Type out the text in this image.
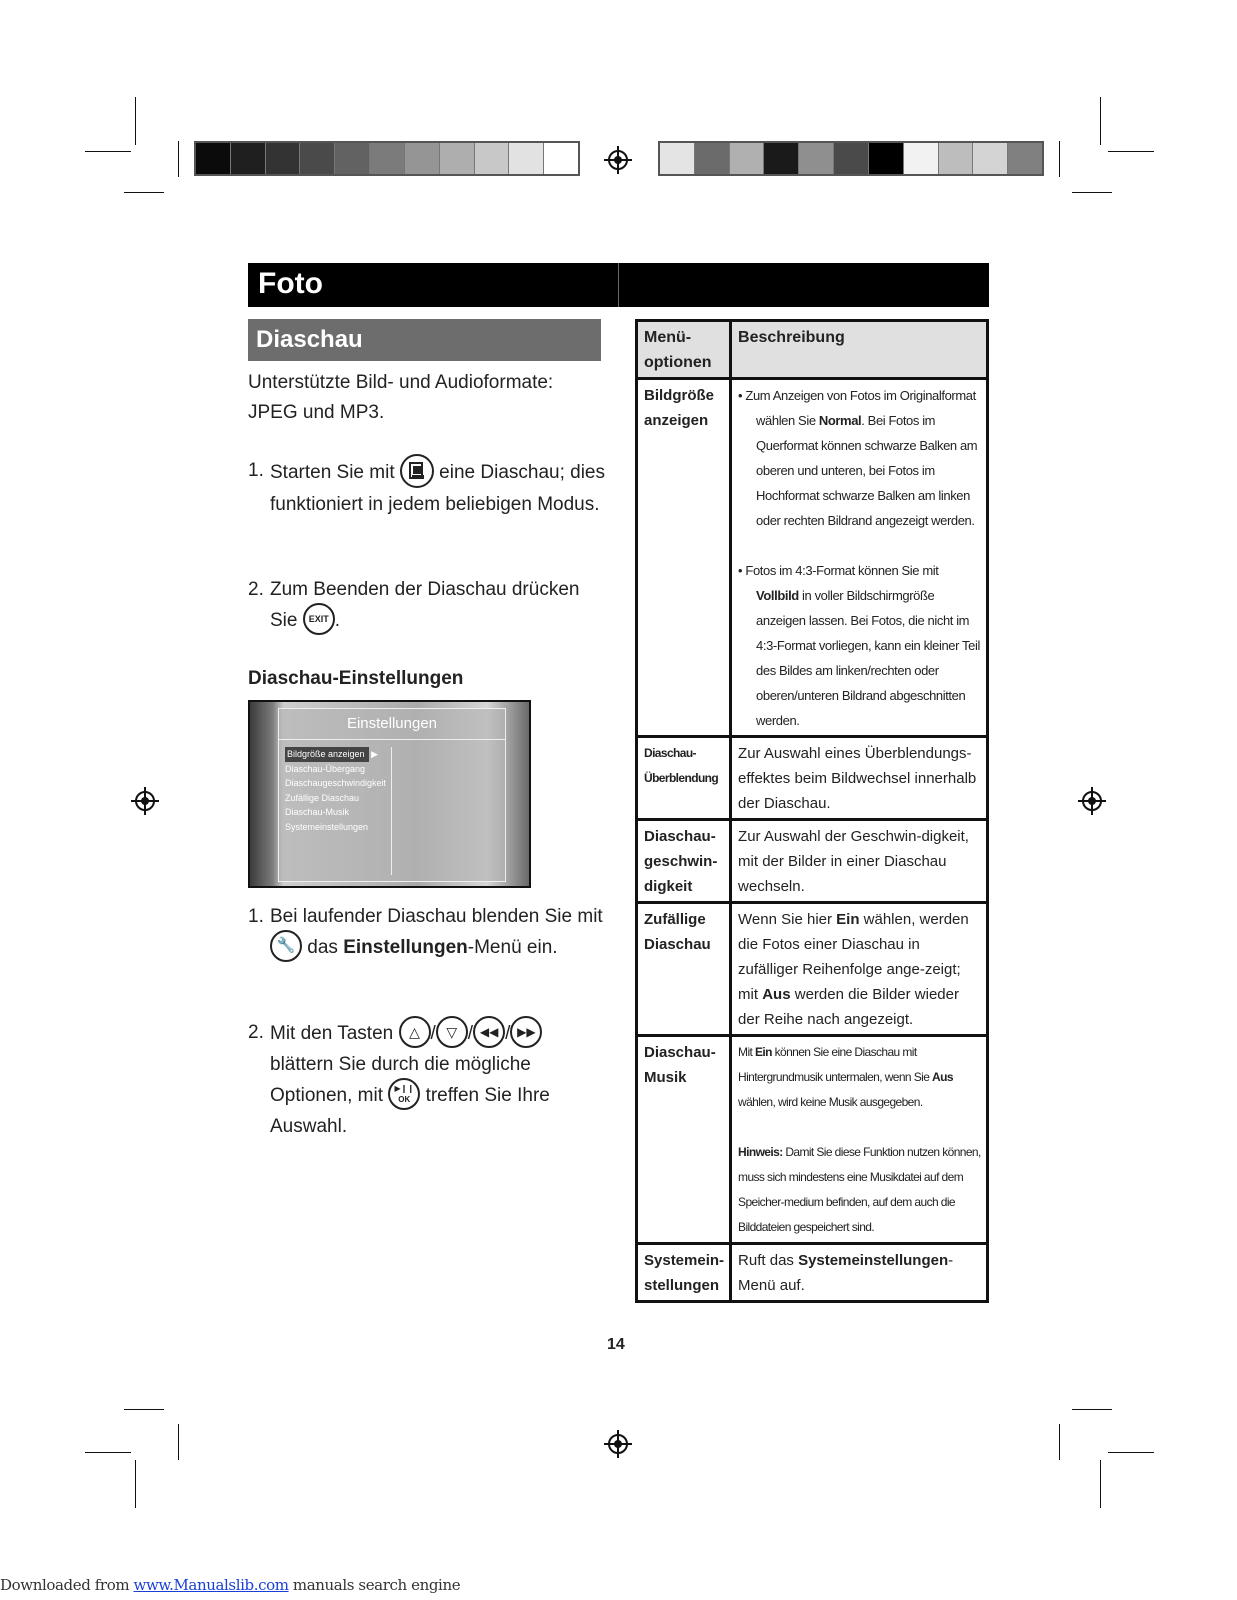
Foto
Diaschau
Unterstützte Bild- und Audioformate: JPEG und MP3.
1. Starten Sie mit eine Diaschau; dies funktioniert in jedem beliebigen Modus.
2. Zum Beenden der Diaschau drücken Sie EXIT .
Diaschau-Einstellungen
Einstellungen
Bildgröße anzeigen ▶
Diaschau-Übergang
Diaschaugeschwindigkeit
Zufällige Diaschau
Diaschau-Musik
Systemeinstellungen
1. Bei laufender Diaschau blenden Sie mit 🔧 das Einstellungen-Menü ein.
2. Mit den Tasten △ / ▽ / ◀◀ / ▶▶ blättern Sie durch die mögliche Optionen, mit ▶❙❙
OK treffen Sie Ihre Auswahl.
Menü-optionen	Beschreibung
Bildgröße anzeigen	• Zum Anzeigen von Fotos im Originalformat wählen Sie Normal. Bei Fotos im Querformat können schwarze Balken am oberen und unteren, bei Fotos im Hochformat schwarze Balken am linken oder rechten Bildrand angezeigt werden.
• Fotos im 4:3-Format können Sie mit Vollbild in voller Bildschirmgröße anzeigen lassen. Bei Fotos, die nicht im 4:3-Format vorliegen, kann ein kleiner Teil des Bildes am linken/rechten oder oberen/unteren Bildrand abgeschnitten werden.

Diaschau-Überblendung	Zur Auswahl eines Überblendungs-effektes beim Bildwechsel innerhalb der Diaschau.
Diaschau-geschwin-digkeit	Zur Auswahl der Geschwin-digkeit, mit der Bilder in einer Diaschau wechseln.
Zufällige Diaschau	Wenn Sie hier Ein wählen, werden die Fotos einer Diaschau in zufälliger Reihenfolge ange-zeigt; mit Aus werden die Bilder wieder der Reihe nach angezeigt.
Diaschau-Musik	Mit Ein können Sie eine Diaschau mit Hintergrundmusik untermalen, wenn Sie Aus wählen, wird keine Musik ausgegeben.
Hinweis: Damit Sie diese Funktion nutzen können, muss sich mindestens eine Musikdatei auf dem Speicher-medium befinden, auf dem auch die Bilddateien gespeichert sind.
Systemein-stellungen	Ruft das Systemeinstellungen-Menü auf.
14
Downloaded from www.Manualslib.com manuals search engine
